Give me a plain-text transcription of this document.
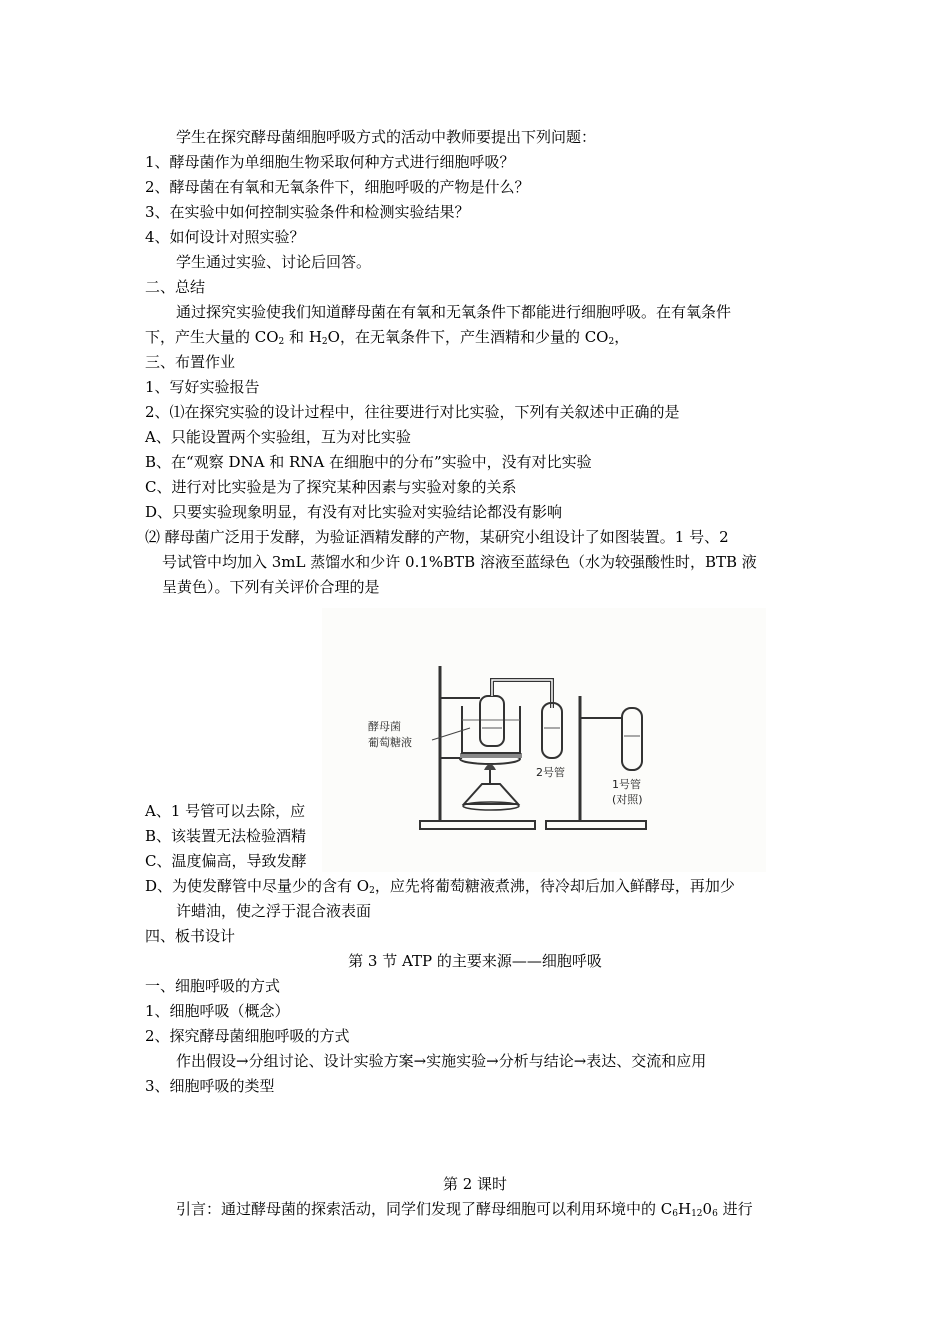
学生在探究酵母菌细胞呼吸方式的活动中教师要提出下列问题：
1、酵母菌作为单细胞生物采取何种方式进行细胞呼吸？
2、酵母菌在有氧和无氧条件下，细胞呼吸的产物是什么？
3、在实验中如何控制实验条件和检测实验结果？
4、如何设计对照实验？
学生通过实验、讨论后回答。
二、总结
通过探究实验使我们知道酵母菌在有氧和无氧条件下都能进行细胞呼吸。在有氧条件
下，产生大量的 $CO_2$ 和 $H_2O$，在无氧条件下，产生酒精和少量的 $CO_2$，
三、布置作业
1、写好实验报告
2、⑴在探究实验的设计过程中，往往要进行对比实验，下列有关叙述中正确的是
A、只能设置两个实验组，互为对比实验
B、在“观察 DNA 和 RNA 在细胞中的分布”实验中，没有对比实验
C、进行对比实验是为了探究某种因素与实验对象的关系
D、只要实验现象明显，有没有对比实验对实验结论都没有影响
⑵ 酵母菌广泛用于发酵，为验证酒精发酵的产物，某研究小组设计了如图装置。1 号、2
号试管中均加入 3mL 蒸馏水和少许 0.1%BTB 溶液至蓝绿色（水为较强酸性时，BTB 液
呈黄色）。下列有关评价合理的是
A、1 号管可以去除，应
B、该装置无法检验酒精
C、温度偏高，导致发酵
D、为使发酵管中尽量少的含有 $O_2$，应先将葡萄糖液煮沸，待冷却后加入鲜酵母，再加少
许蜡油，使之浮于混合液表面
酵母菌
葡萄糖液
2号管
1号管
(对照)
四、板书设计
第 3 节 ATP 的主要来源——细胞呼吸
一、细胞呼吸的方式
1、细胞呼吸（概念）
2、探究酵母菌细胞呼吸的方式
作出假设→分组讨论、设计实验方案→实施实验→分析与结论→表达、交流和应用
3、细胞呼吸的类型
第 2 课时
引言：通过酵母菌的探索活动，同学们发现了酵母细胞可以利用环境中的 $C_6H_{12}0_6$ 进行
